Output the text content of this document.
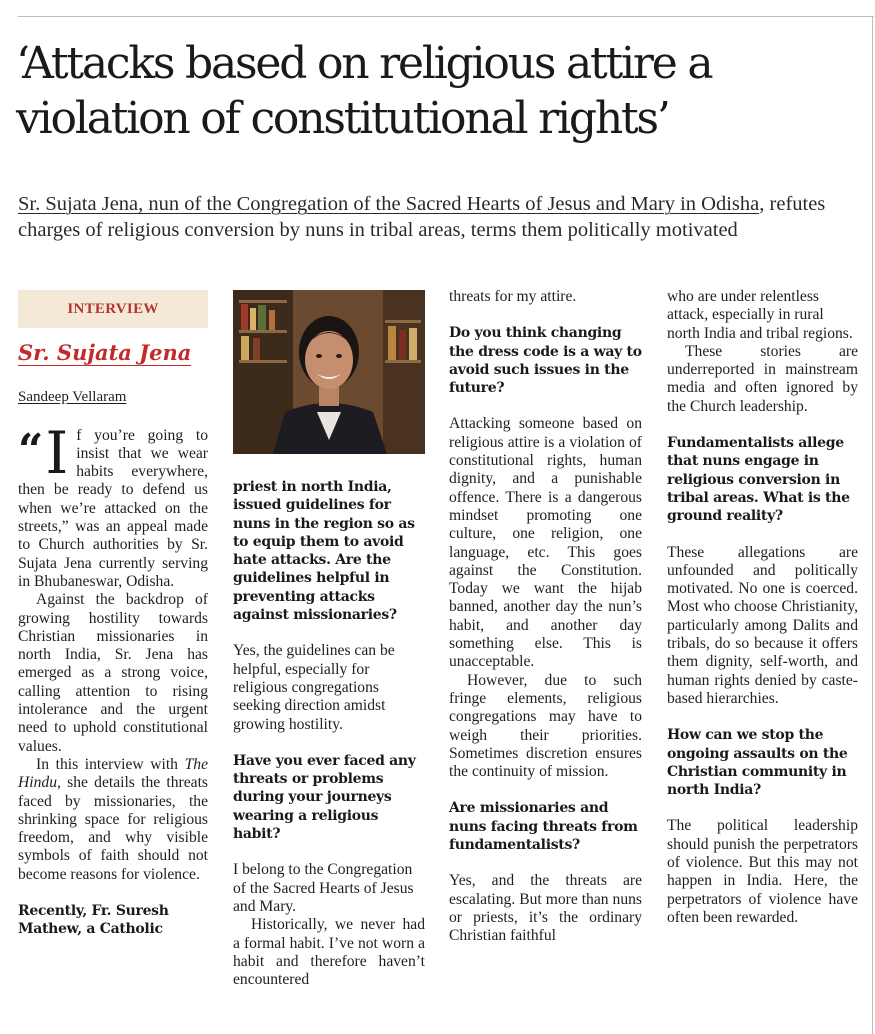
‘Attacks based on religious attire a violation of constitutional rights’

Sr. Sujata Jena, nun of the Congregation of the Sacred Hearts of Jesus and Mary in Odisha, refutes charges of religious conversion by nuns in tribal areas, terms them politically motivated

INTERVIEW
Sr. Sujata Jena
Sandeep Vellaram
“ I f you’re going to insist that we wear habits everywhere, then be ready to defend us when we’re attacked on the streets,” was an appeal made to Church authorities by Sr. Sujata Jena currently serving in Bhubaneswar, Odisha.

Against the backdrop of growing hostility towards Christian missionaries in north India, Sr. Jena has emerged as a strong voice, calling attention to rising intolerance and the urgent need to uphold constitutional values.

In this interview with The Hindu, she details the threats faced by missionaries, the shrinking space for religious freedom, and why visible symbols of faith should not become reasons for violence.

Recently, Fr. Suresh Mathew, a Catholic

priest in north India, issued guidelines for nuns in the region so as to equip them to avoid hate attacks. Are the guidelines helpful in preventing attacks against missionaries?

Yes, the guidelines can be helpful, especially for religious congregations seeking direction amidst growing hostility.

Have you ever faced any threats or problems during your journeys wearing a religious habit?

I belong to the Congregation of the Sacred Hearts of Jesus and Mary.

Historically, we never had a formal habit. I’ve not worn a habit and therefore haven’t encountered

threats for my attire.

Do you think changing the dress code is a way to avoid such issues in the future?

Attacking someone based on religious attire is a violation of constitutional rights, human dignity, and a punishable offence. There is a dangerous mindset promoting one culture, one religion, one language, etc. This goes against the Constitution. Today we want the hijab banned, another day the nun’s habit, and another day something else. This is unacceptable.

However, due to such fringe elements, religious congregations may have to weigh their priorities. Sometimes discretion ensures the continuity of mission.

Are missionaries and nuns facing threats from fundamentalists?

Yes, and the threats are escalating. But more than nuns or priests, it’s the ordinary Christian faithful

who are under relentless attack, especially in rural north India and tribal regions.

These stories are underreported in mainstream media and often ignored by the Church leadership.

Fundamentalists allege that nuns engage in religious conversion in tribal areas. What is the ground reality?

These allegations are unfounded and politically motivated. No one is coerced. Most who choose Christianity, particularly among Dalits and tribals, do so because it offers them dignity, self-worth, and human rights denied by caste-based hierarchies.

How can we stop the ongoing assaults on the Christian community in north India?

The political leadership should punish the perpetrators of violence. But this may not happen in India. Here, the perpetrators of violence have often been rewarded.
